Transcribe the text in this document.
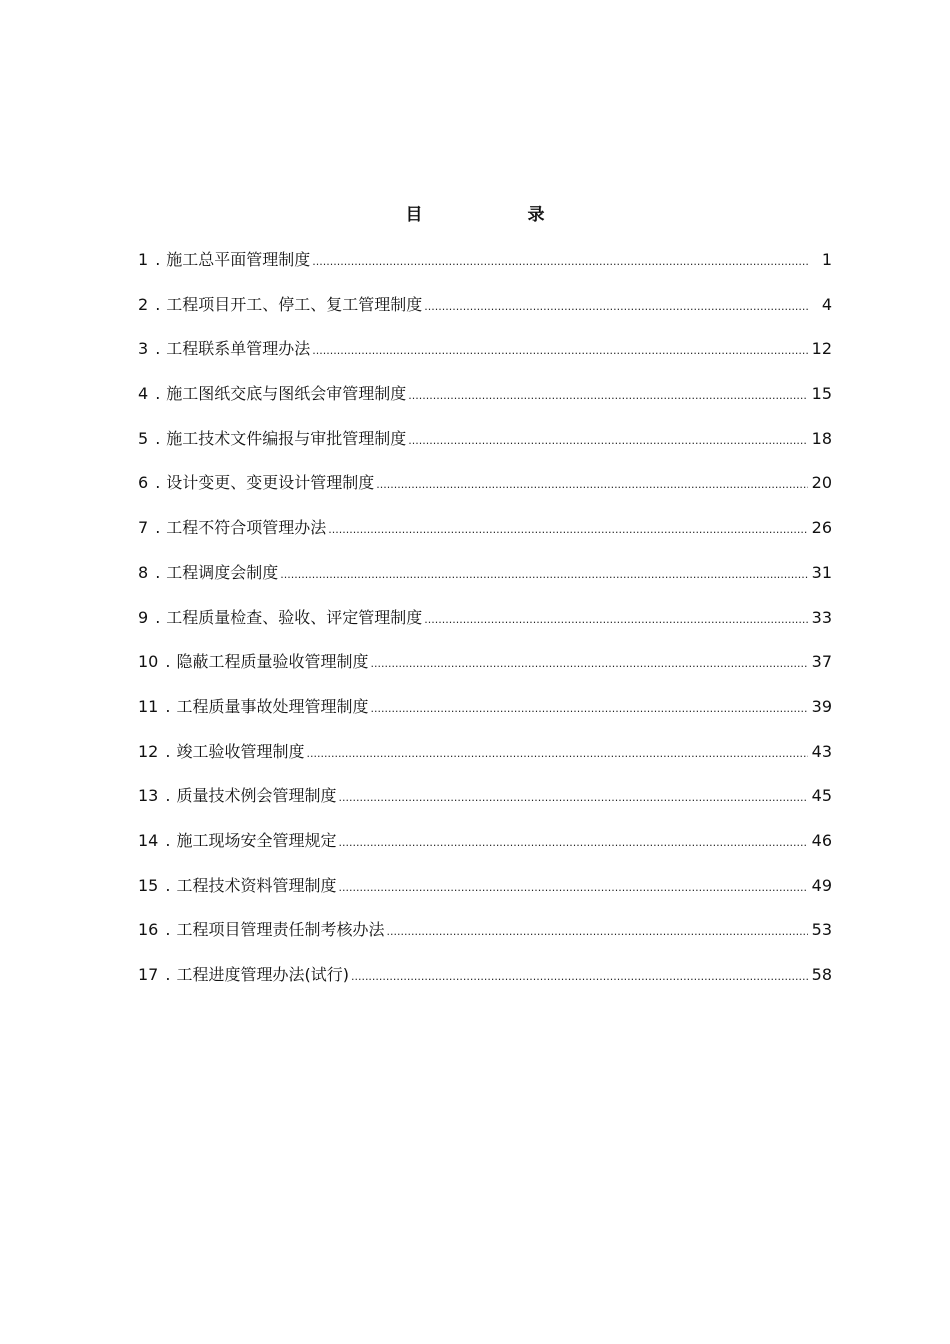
目　录
1 . 施工总平面管理制度 .....	1
2 . 工程项目开工、停工、复工管理制度 .....	4
3 . 工程联系单管理办法 .....	12
4 . 施工图纸交底与图纸会审管理制度 .....	15
5 . 施工技术文件编报与审批管理制度 .....	18
6 . 设计变更、变更设计管理制度 .....	20
7 . 工程不符合项管理办法 .....	26
8 . 工程调度会制度 .....	31
9 . 工程质量检查、验收、评定管理制度 .....	33
10 . 隐蔽工程质量验收管理制度 .....	37
11 . 工程质量事故处理管理制度 .....	39
12 . 竣工验收管理制度 .....	43
13 . 质量技术例会管理制度 .....	45
14 . 施工现场安全管理规定 .....	46
15 . 工程技术资料管理制度 .....	49
16 . 工程项目管理责任制考核办法 .....	53
17 . 工程进度管理办法(试行) .....	58
